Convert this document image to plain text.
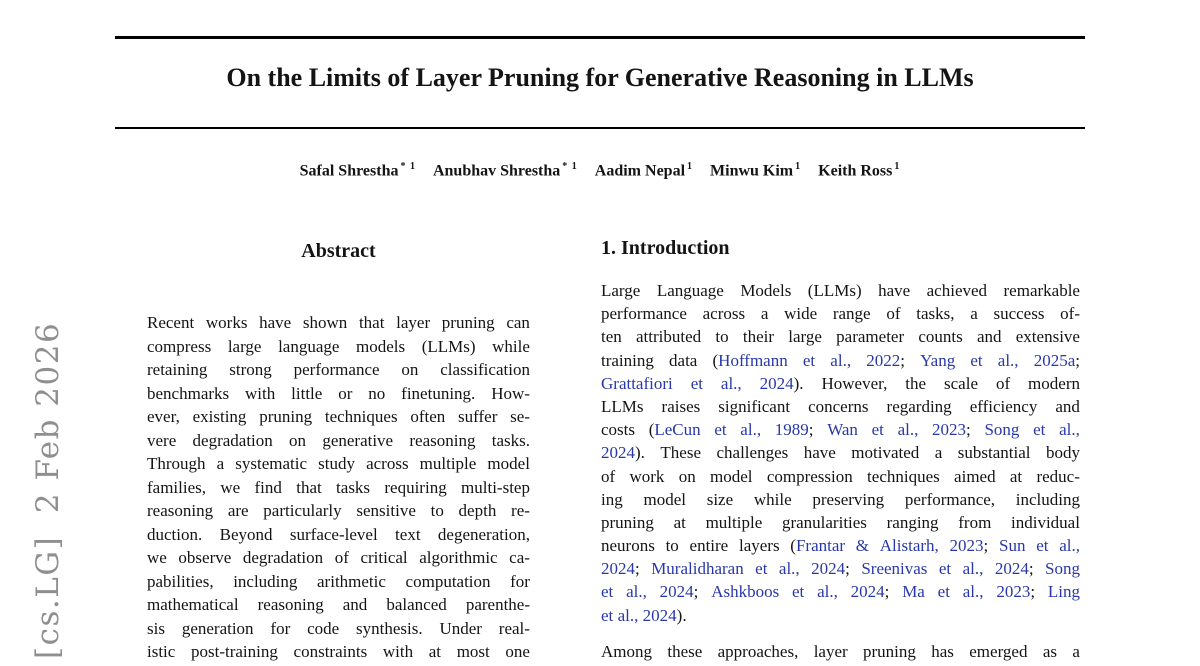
[cs.LG]  2 Feb 2026
On the Limits of Layer Pruning for Generative Reasoning in LLMs
Safal Shrestha $^{* 1}$ Anubhav Shrestha $^{* 1}$ Aadim Nepal $^1$ Minwu Kim $^1$ Keith Ross $^1$
Abstract
Recent works have shown that layer pruning can
compress large language models (LLMs) while
retaining strong performance on classification
benchmarks with little or no finetuning. How-
ever, existing pruning techniques often suffer se-
vere degradation on generative reasoning tasks.
Through a systematic study across multiple model
families, we find that tasks requiring multi-step
reasoning are particularly sensitive to depth re-
duction. Beyond surface-level text degeneration,
we observe degradation of critical algorithmic ca-
pabilities, including arithmetic computation for
mathematical reasoning and balanced parenthe-
sis generation for code synthesis. Under real-
istic post-training constraints with at most one
1. Introduction
Large Language Models (LLMs) have achieved remarkable
performance across a wide range of tasks, a success of-
ten attributed to their large parameter counts and extensive
training data (Hoffmann et al., 2022; Yang et al., 2025a;
Grattafiori et al., 2024). However, the scale of modern
LLMs raises significant concerns regarding efficiency and
costs (LeCun et al., 1989; Wan et al., 2023; Song et al.,
2024). These challenges have motivated a substantial body
of work on model compression techniques aimed at reduc-
ing model size while preserving performance, including
pruning at multiple granularities ranging from individual
neurons to entire layers (Frantar & Alistarh, 2023; Sun et al.,
2024; Muralidharan et al., 2024; Sreenivas et al., 2024; Song
et al., 2024; Ashkboos et al., 2024; Ma et al., 2023; Ling
et al., 2024).
Among these approaches, layer pruning has emerged as a
